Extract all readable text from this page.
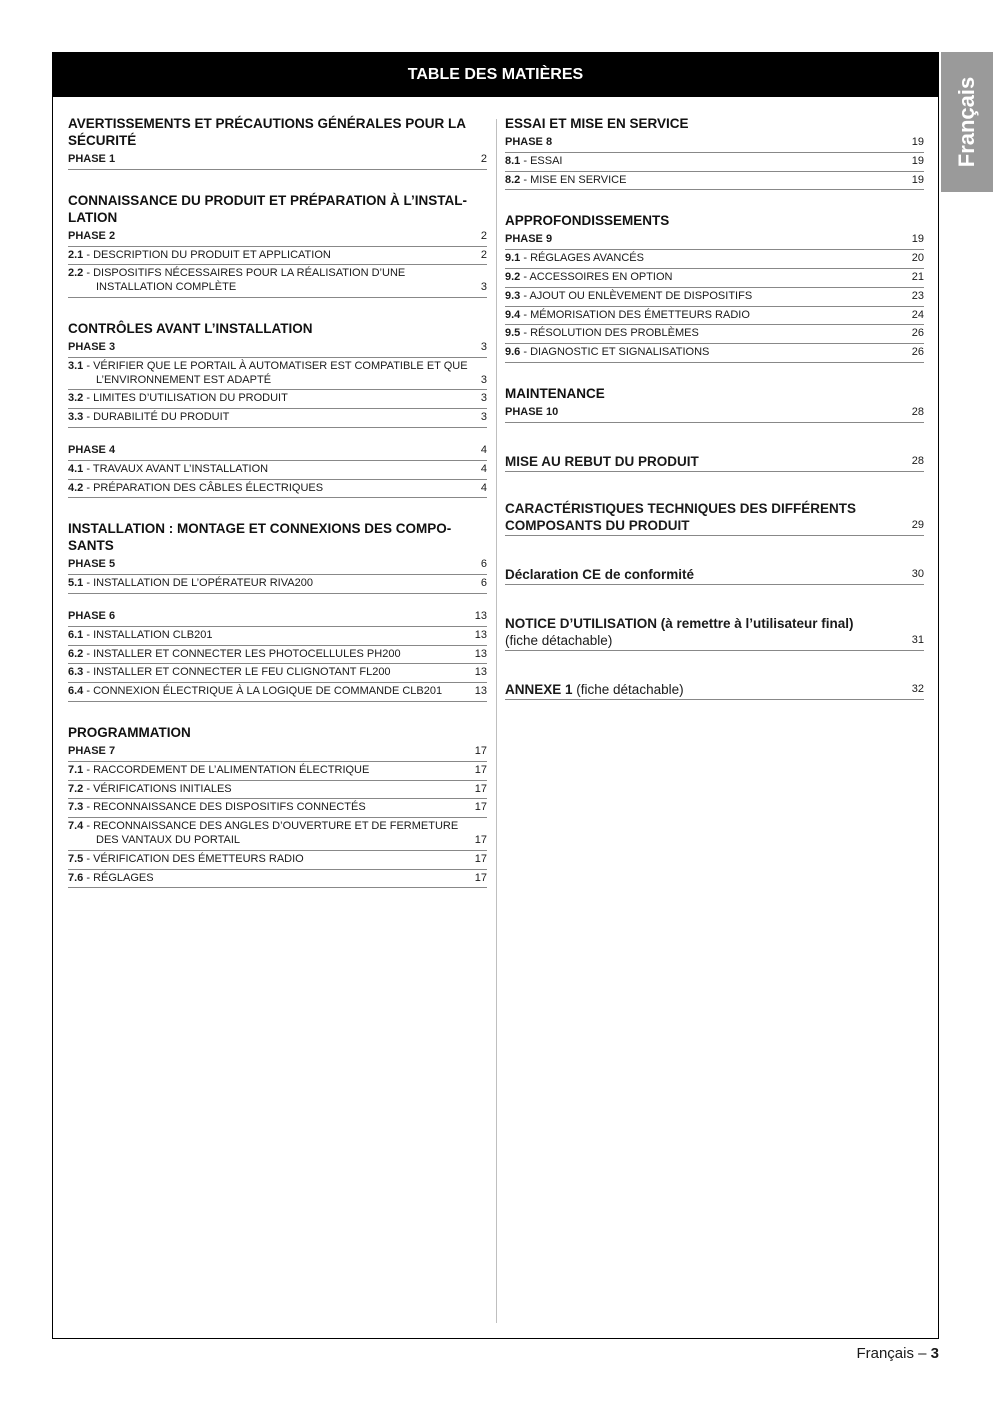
Français
TABLE DES MATIÈRES
AVERTISSEMENTS ET PRÉCAUTIONS GÉNÉRALES POUR LA SÉCURITÉ
PHASE 1	2
CONNAISSANCE DU PRODUIT ET PRÉPARATION À L’INSTAL-LATION
PHASE 2	2
2.1 - DESCRIPTION DU PRODUIT ET APPLICATION	2
2.2 - DISPOSITIFS NÉCESSAIRES POUR LA RÉALISATION D’UNE INSTALLATION COMPLÈTE	3
CONTRÔLES AVANT L’INSTALLATION
PHASE 3	3
3.1 - VÉRIFIER QUE LE PORTAIL À AUTOMATISER EST COMPATIBLE ET QUE L’ENVIRONNEMENT EST ADAPTÉ	3
3.2 - LIMITES D’UTILISATION DU PRODUIT	3
3.3 - DURABILITÉ DU PRODUIT	3
PHASE 4	4
4.1 - TRAVAUX AVANT L’INSTALLATION	4
4.2 - PRÉPARATION DES CÂBLES ÉLECTRIQUES	4
INSTALLATION : MONTAGE ET CONNEXIONS DES COMPO-SANTS
PHASE 5	6
5.1 - INSTALLATION DE L’OPÉRATEUR RIVA200	6
PHASE 6	13
6.1 - INSTALLATION CLB201	13
6.2 - INSTALLER ET CONNECTER LES PHOTOCELLULES PH200	13
6.3 - INSTALLER ET CONNECTER LE FEU CLIGNOTANT FL200	13
6.4 - CONNEXION ÉLECTRIQUE À LA LOGIQUE DE COMMANDE CLB201	13
PROGRAMMATION
PHASE 7	17
7.1 - RACCORDEMENT DE L’ALIMENTATION ÉLECTRIQUE	17
7.2 - VÉRIFICATIONS INITIALES	17
7.3 - RECONNAISSANCE DES DISPOSITIFS CONNECTÉS	17
7.4 - RECONNAISSANCE DES ANGLES D’OUVERTURE ET DE FERMETURE DES VANTAUX DU PORTAIL	17
7.5 - VÉRIFICATION DES ÉMETTEURS RADIO	17
7.6 - RÉGLAGES	17
ESSAI ET MISE EN SERVICE
PHASE 8	19
8.1 - ESSAI	19
8.2 - MISE EN SERVICE	19
APPROFONDISSEMENTS
PHASE 9	19
9.1 - RÉGLAGES AVANCÉS	20
9.2 - ACCESSOIRES EN OPTION	21
9.3 - AJOUT OU ENLÈVEMENT DE DISPOSITIFS	23
9.4 - MÉMORISATION DES ÉMETTEURS RADIO	24
9.5 - RÉSOLUTION DES PROBLÈMES	26
9.6 - DIAGNOSTIC ET SIGNALISATIONS	26
MAINTENANCE
PHASE 10	28
MISE AU REBUT DU PRODUIT	28
CARACTÉRISTIQUES TECHNIQUES DES DIFFÉRENTS COMPOSANTS DU PRODUIT	29
Déclaration CE de conformité	30
NOTICE D’UTILISATION (à remettre à l’utilisateur final)
(fiche détachable)	31
ANNEXE 1 (fiche détachable)	32
Français – 3
